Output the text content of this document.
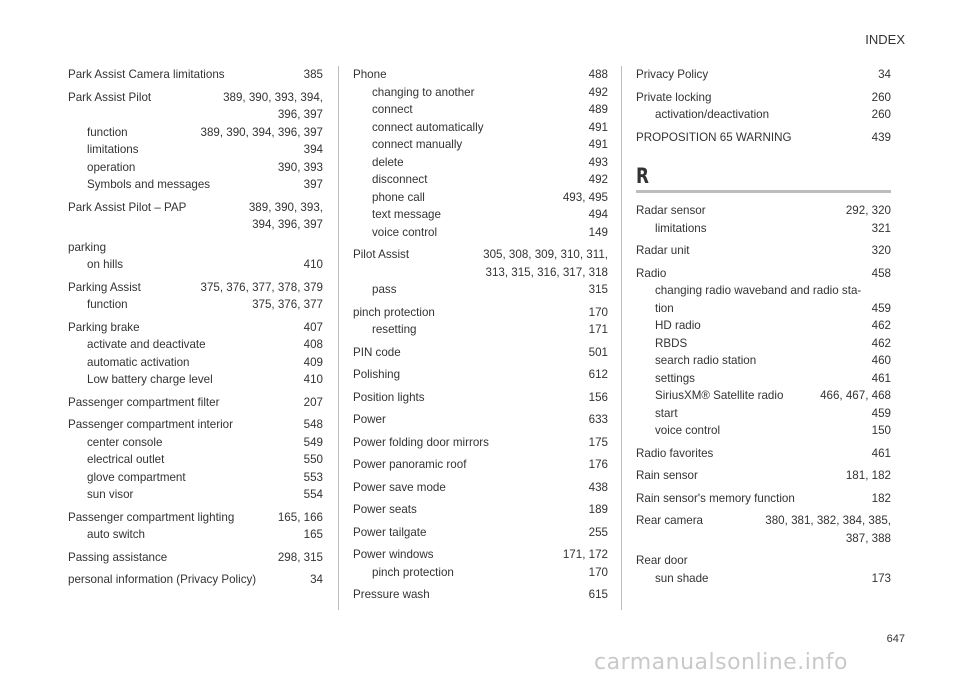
INDEX
Park Assist Camera limitations	385
Park Assist Pilot	389, 390, 393, 394,
396, 397
function	389, 390, 394, 396, 397
limitations	394
operation	390, 393
Symbols and messages	397
Park Assist Pilot – PAP	389, 390, 393,
394, 396, 397
parking
on hills	410
Parking Assist	375, 376, 377, 378, 379
function	375, 376, 377
Parking brake	407
activate and deactivate	408
automatic activation	409
Low battery charge level	410
Passenger compartment filter	207
Passenger compartment interior	548
center console	549
electrical outlet	550
glove compartment	553
sun visor	554
Passenger compartment lighting	165, 166
auto switch	165
Passing assistance	298, 315
personal information (Privacy Policy)	34
Phone	488
changing to another	492
connect	489
connect automatically	491
connect manually	491
delete	493
disconnect	492
phone call	493, 495
text message	494
voice control	149
Pilot Assist	305, 308, 309, 310, 311,
313, 315, 316, 317, 318
pass	315
pinch protection	170
resetting	171
PIN code	501
Polishing	612
Position lights	156
Power	633
Power folding door mirrors	175
Power panoramic roof	176
Power save mode	438
Power seats	189
Power tailgate	255
Power windows	171, 172
pinch protection	170
Pressure wash	615
Privacy Policy	34
Private locking	260
activation/deactivation	260
PROPOSITION 65 WARNING	439
R
Radar sensor	292, 320
limitations	321
Radar unit	320
Radio	458
changing radio waveband and radio sta-
tion	459
HD radio	462
RBDS	462
search radio station	460
settings	461
SiriusXM® Satellite radio	466, 467, 468
start	459
voice control	150
Radio favorites	461
Rain sensor	181, 182
Rain sensor's memory function	182
Rear camera	380, 381, 382, 384, 385,
387, 388
Rear door
sun shade	173
647
carmanualsonline.info
